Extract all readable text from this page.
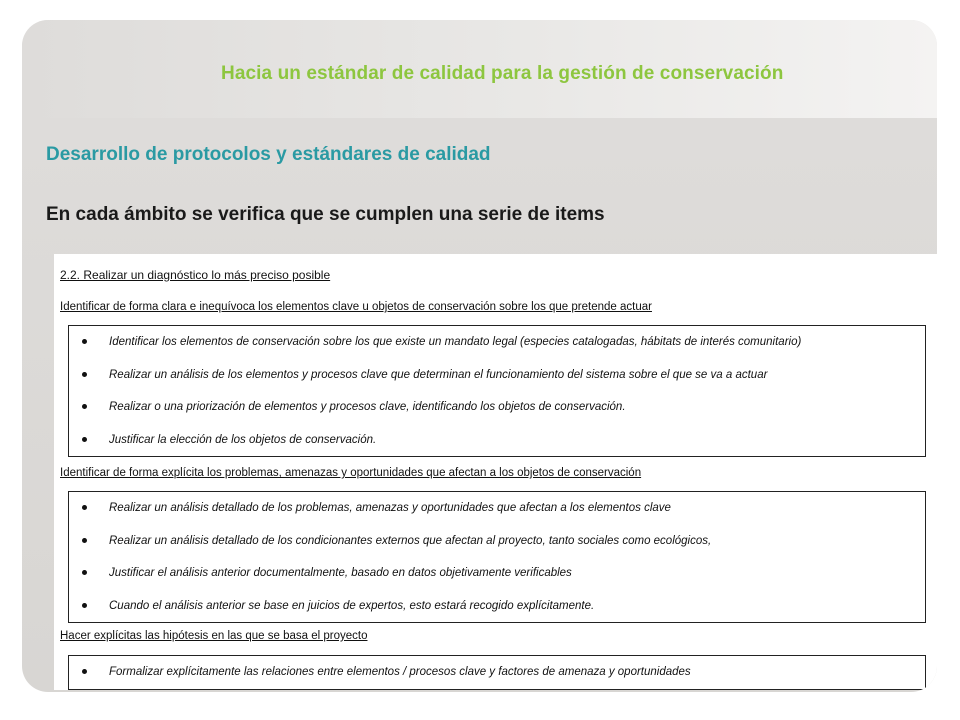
Hacia un estándar de calidad para la gestión de conservación
Desarrollo de protocolos y estándares de calidad

En cada ámbito se verifica que se cumplen una serie de items

2.2. Realizar un diagnóstico lo más preciso posible

Identificar de forma clara e inequívoca los elementos clave u objetos de conservación sobre los que pretende actuar

Identificar los elementos de conservación sobre los que existe un mandato legal (especies catalogadas, hábitats de interés comunitario)
Realizar un análisis de los elementos y procesos clave que determinan el funcionamiento del sistema sobre el que se va a actuar
Realizar o una priorización de elementos y procesos clave, identificando los objetos de conservación.
Justificar la elección de los objetos de conservación.

Identificar de forma explícita los problemas, amenazas y oportunidades que afectan a los objetos de conservación

Realizar un análisis detallado de los problemas, amenazas y oportunidades que afectan a los elementos clave
Realizar un análisis detallado de los condicionantes externos que afectan al proyecto, tanto sociales como ecológicos,
Justificar el análisis anterior documentalmente, basado en datos objetivamente verificables
Cuando el análisis anterior se base en juicios de expertos, esto estará recogido explícitamente.

Hacer explícitas las hipótesis en las que se basa el proyecto

Formalizar explícitamente las relaciones entre elementos / procesos clave y factores de amenaza y oportunidades
